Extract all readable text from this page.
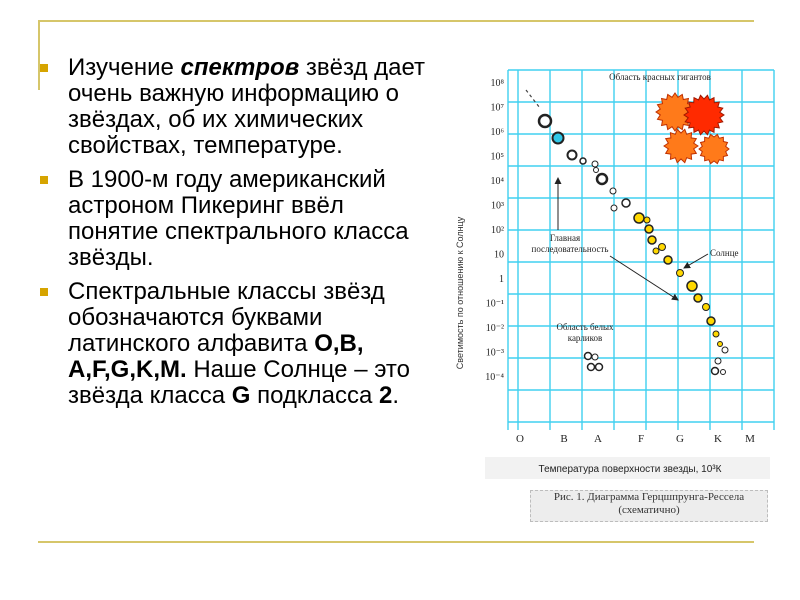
Изучение спектров звёзд дает очень важную информацию о звёздах, об их химических свойствах, температуре.
В 1900-м году американский астроном Пикеринг ввёл понятие спектрального класса звёзды.
Спектральные классы звёзд обозначаются буквами латинского алфавита O,B, A,F,G,K,M. Наше Солнце – это звёзда класса G подкласса 2.
10⁸
10⁷
10⁶
10⁵
10⁴
10³
10²
10
1
10⁻¹
10⁻²
10⁻³
10⁻⁴
O	B A	F	G	K M
Светимость по отношению к Солнцу
Температура поверхности звезды, 10³К
Область красных гигантов
Главная
последовательность	Солнце
Область белых
карликов
Рис. 1. Диаграмма Герцшпрунга-Рессела
(схематично)
